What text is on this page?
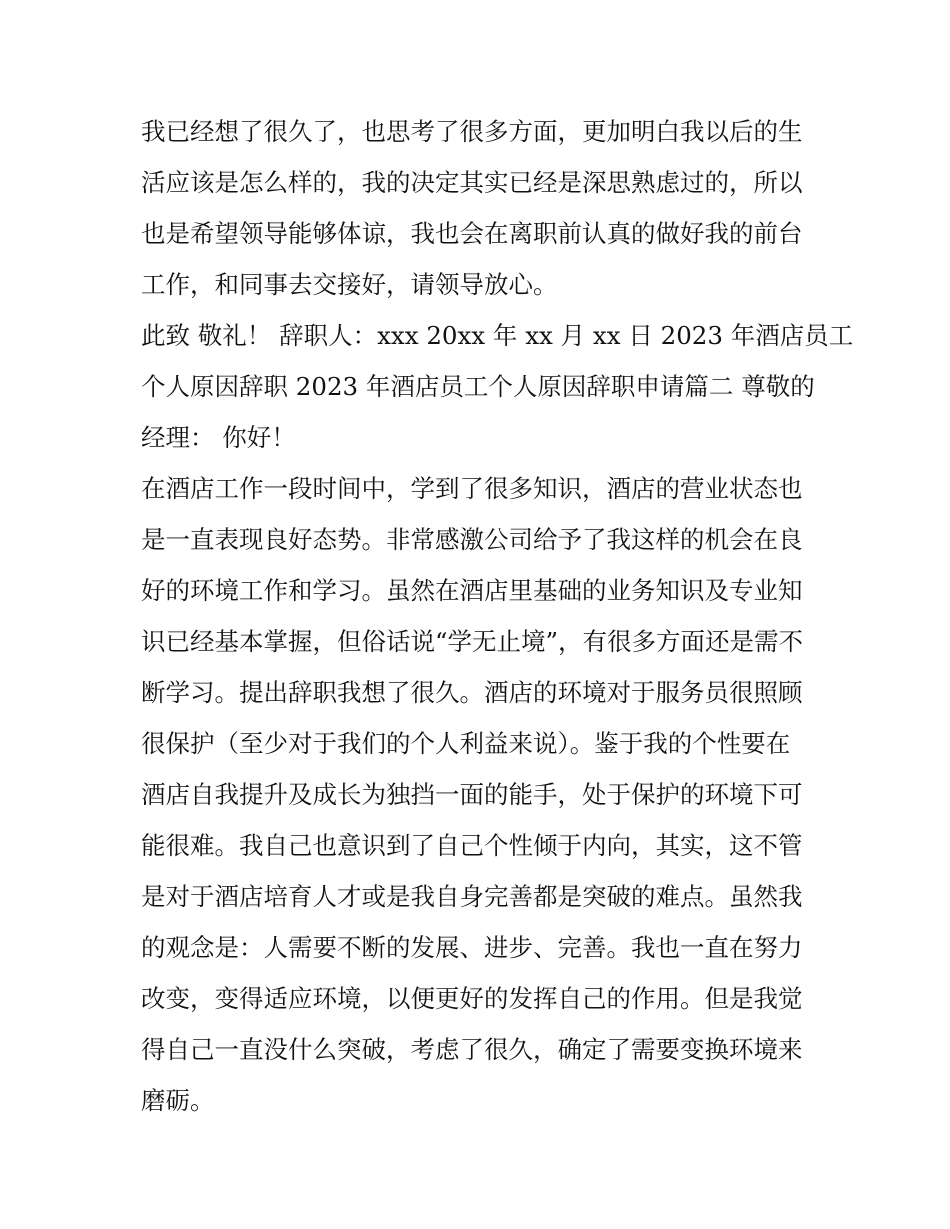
我已经想了很久了，也思考了很多方面，更加明白我以后的生
活应该是怎么样的，我的决定其实已经是深思熟虑过的，所以
也是希望领导能够体谅，我也会在离职前认真的做好我的前台
工作，和同事去交接好，请领导放心。
此致 敬礼！ 辞职人：xxx 20xx 年 xx 月 xx 日 2023 年酒店员工
个人原因辞职 2023 年酒店员工个人原因辞职申请篇二 尊敬的
经理： 你好！
在酒店工作一段时间中，学到了很多知识，酒店的营业状态也
是一直表现良好态势。非常感激公司给予了我这样的机会在良
好的环境工作和学习。虽然在酒店里基础的业务知识及专业知
识已经基本掌握，但俗话说“学无止境”，有很多方面还是需不
断学习。提出辞职我想了很久。酒店的环境对于服务员很照顾
很保护（至少对于我们的个人利益来说）。鉴于我的个性要在
酒店自我提升及成长为独挡一面的能手，处于保护的环境下可
能很难。我自己也意识到了自己个性倾于内向，其实，这不管
是对于酒店培育人才或是我自身完善都是突破的难点。虽然我
的观念是：人需要不断的发展、进步、完善。我也一直在努力
改变，变得适应环境，以便更好的发挥自己的作用。但是我觉
得自己一直没什么突破，考虑了很久，确定了需要变换环境来
磨砺。
